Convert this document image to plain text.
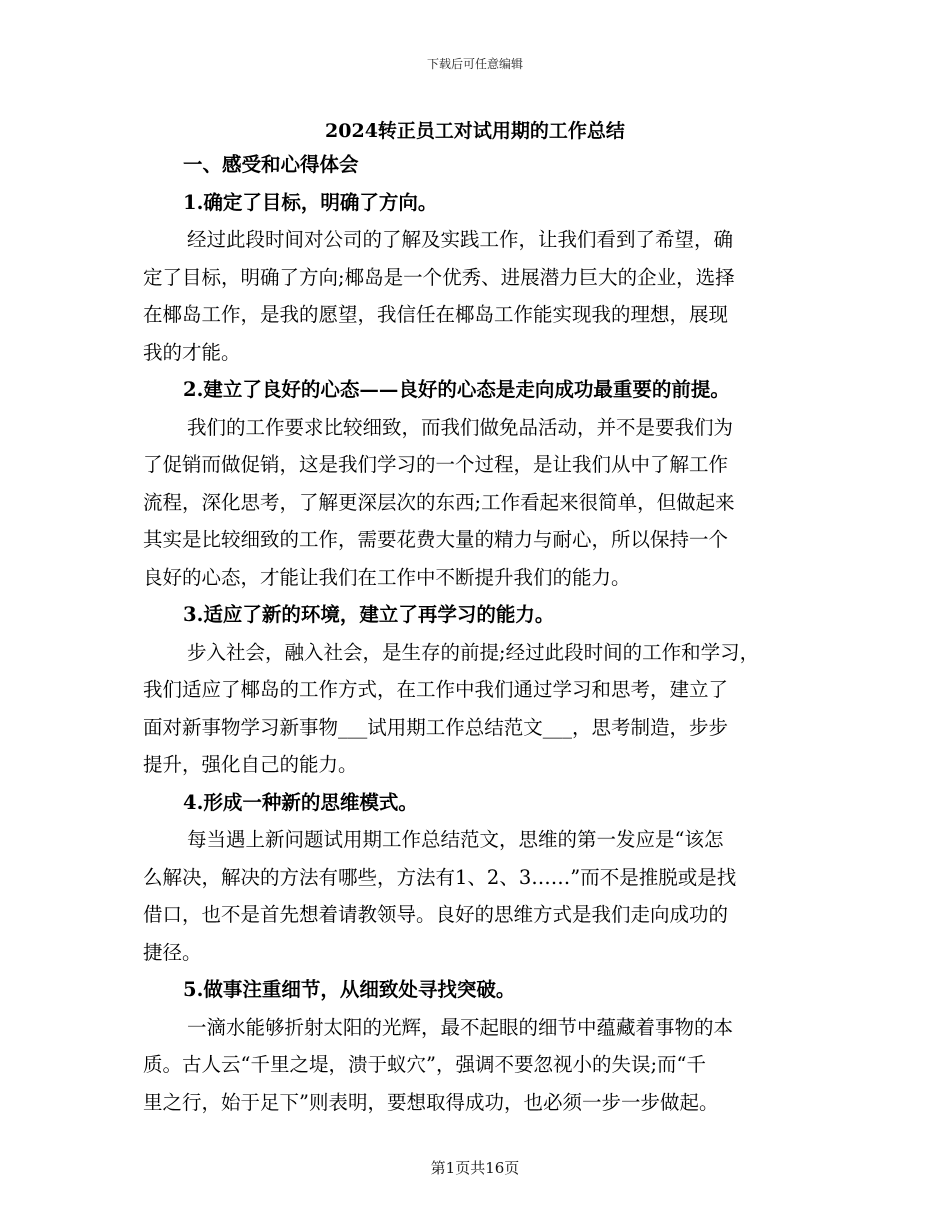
下载后可任意编辑
2024转正员工对试用期的工作总结
一、感受和心得体会
1.确定了目标，明确了方向。
经过此段时间对公司的了解及实践工作，让我们看到了希望，确
定了目标，明确了方向;椰岛是一个优秀、进展潜力巨大的企业，选择
在椰岛工作，是我的愿望，我信任在椰岛工作能实现我的理想，展现
我的才能。
2.建立了良好的心态——良好的心态是走向成功最重要的前提。
我们的工作要求比较细致，而我们做免品活动，并不是要我们为
了促销而做促销，这是我们学习的一个过程，是让我们从中了解工作
流程，深化思考，了解更深层次的东西;工作看起来很简单，但做起来
其实是比较细致的工作，需要花费大量的精力与耐心，所以保持一个
良好的心态，才能让我们在工作中不断提升我们的能力。
3.适应了新的环境，建立了再学习的能力。
步入社会，融入社会，是生存的前提;经过此段时间的工作和学习，
我们适应了椰岛的工作方式，在工作中我们通过学习和思考，建立了
面对新事物学习新事物___试用期工作总结范文___，思考制造，步步
提升，强化自己的能力。
4.形成一种新的思维模式。
每当遇上新问题试用期工作总结范文，思维的第一发应是“该怎
么解决，解决的方法有哪些，方法有1、2、3……”而不是推脱或是找
借口，也不是首先想着请教领导。良好的思维方式是我们走向成功的
捷径。
5.做事注重细节，从细致处寻找突破。
一滴水能够折射太阳的光辉，最不起眼的细节中蕴藏着事物的本
质。古人云“千里之堤，溃于蚁穴”，强调不要忽视小的失误;而“千
里之行，始于足下”则表明，要想取得成功，也必须一步一步做起。
第1页共16页
